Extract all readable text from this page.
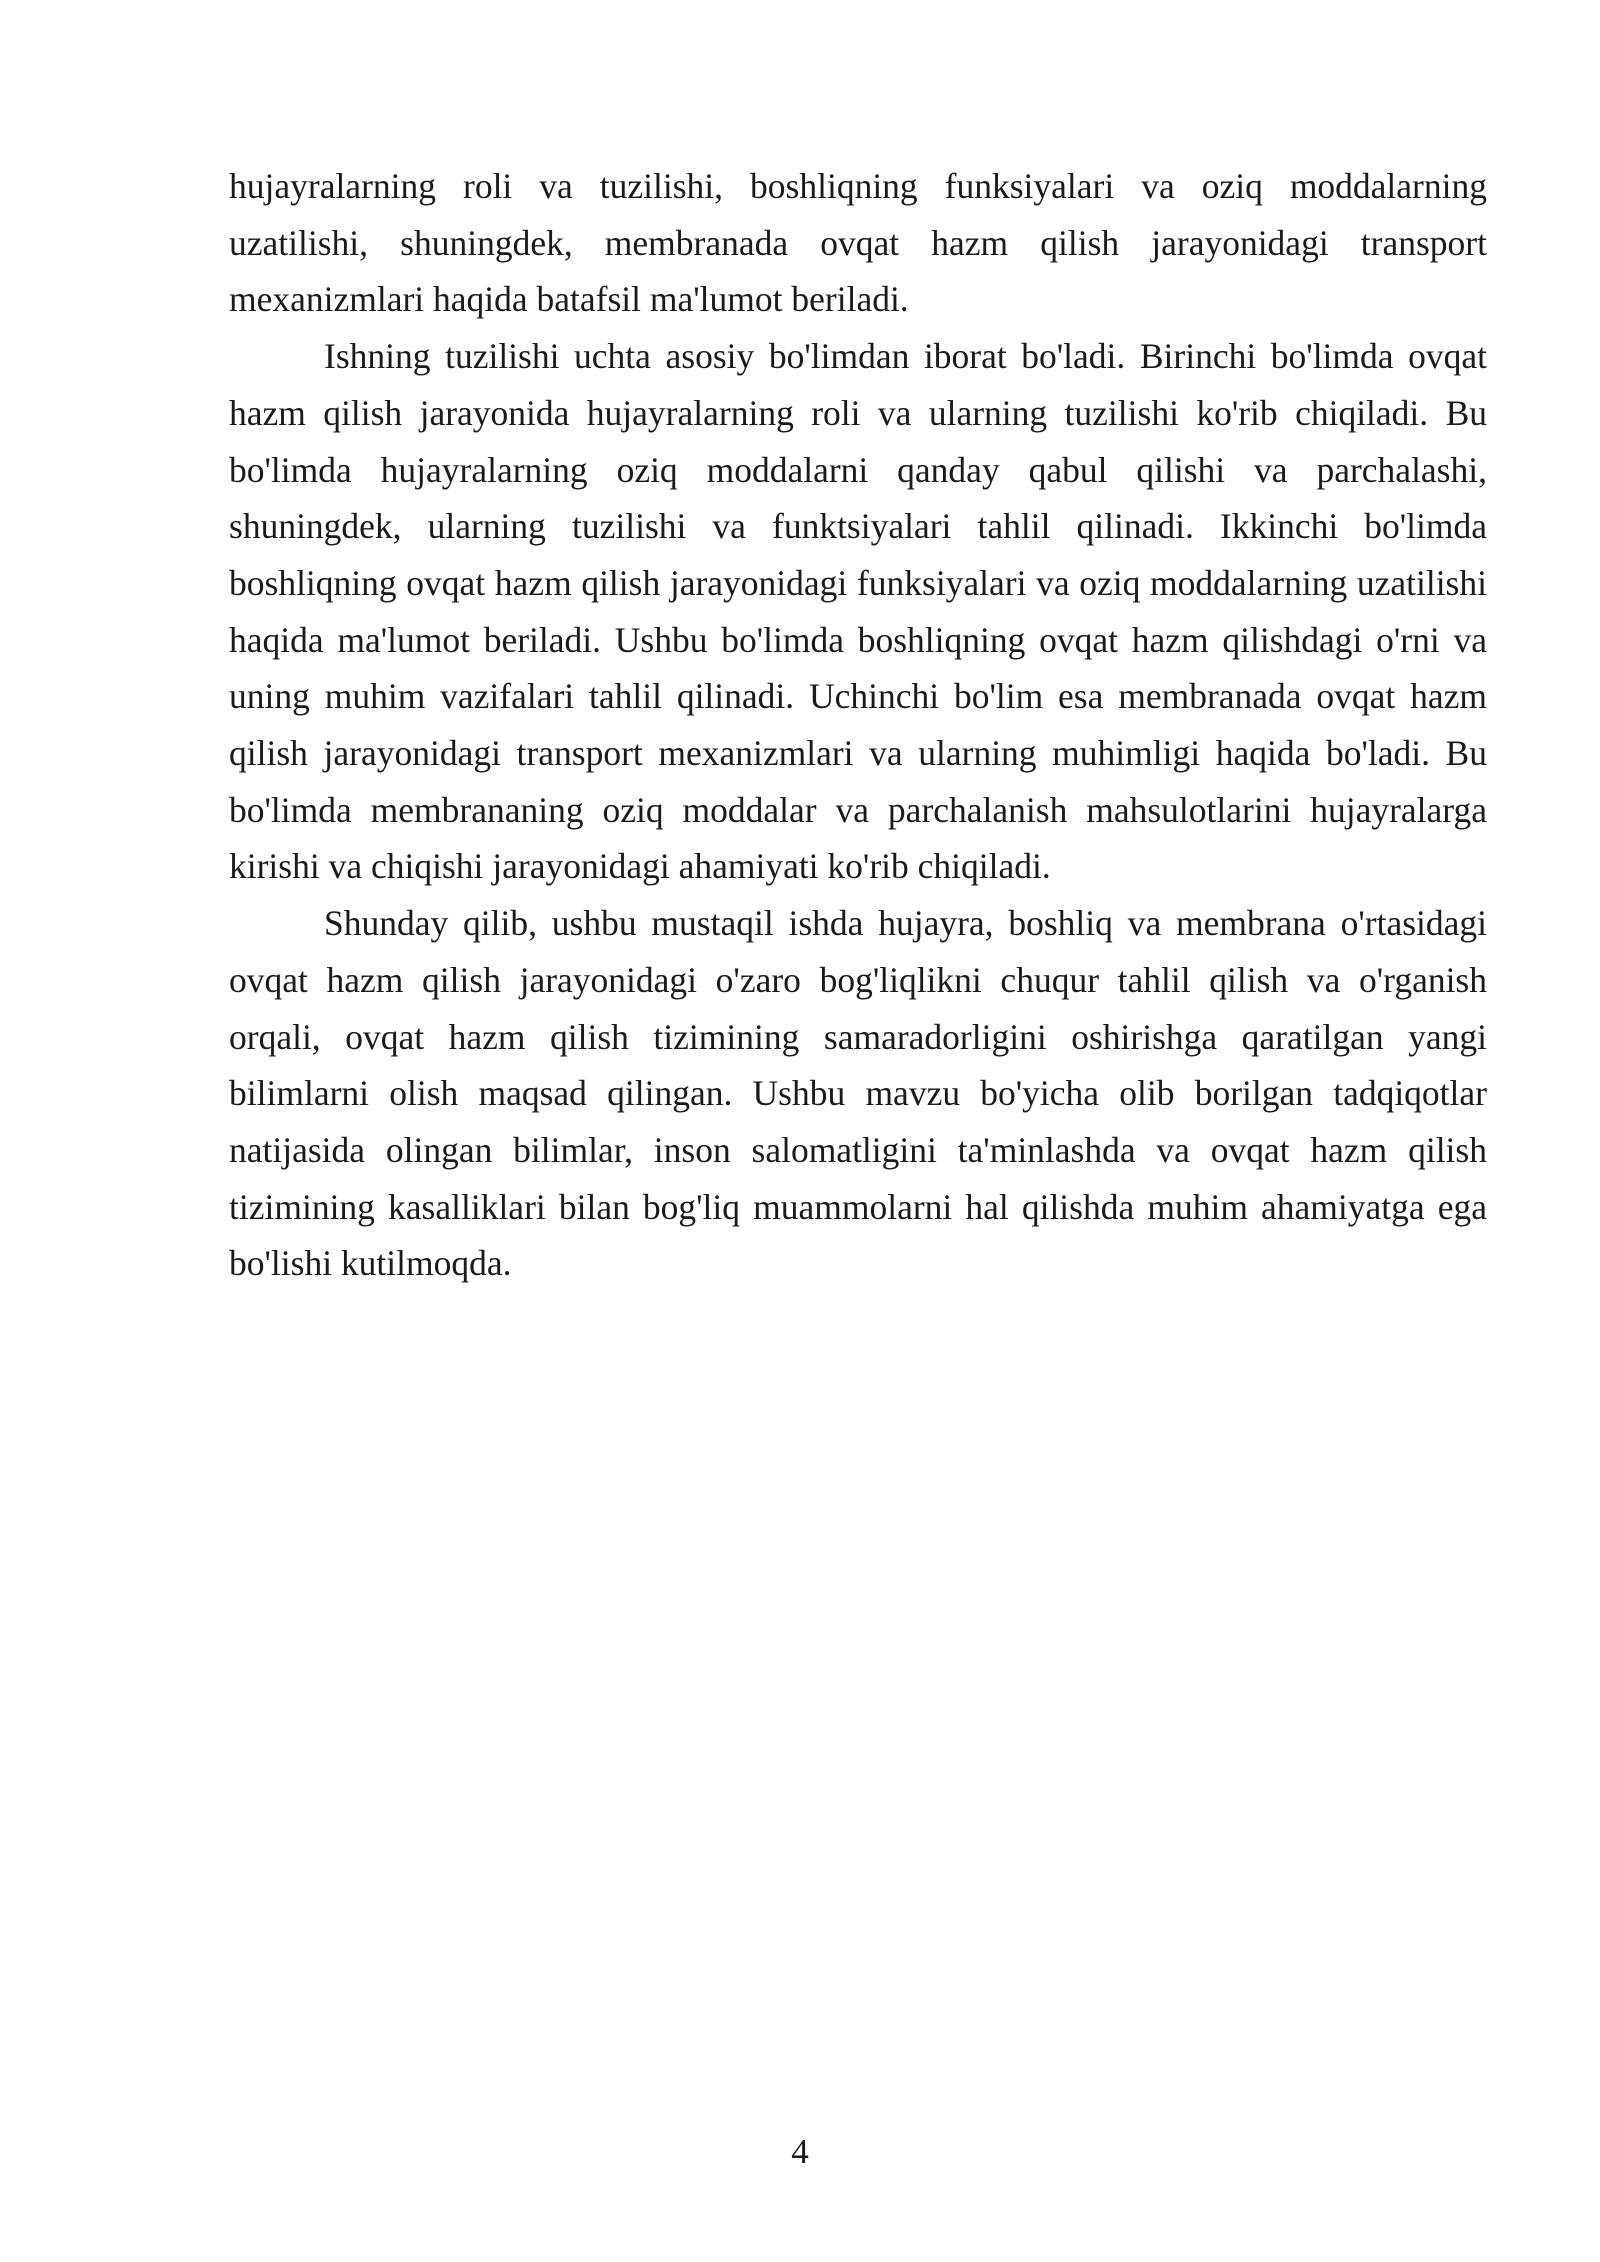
hujayralarning roli va tuzilishi, boshliqning funksiyalari va oziq moddalarning uzatilishi, shuningdek, membranada ovqat hazm qilish jarayonidagi transport mexanizmlari haqida batafsil ma'lumot beriladi.

Ishning tuzilishi uchta asosiy bo'limdan iborat bo'ladi. Birinchi bo'limda ovqat hazm qilish jarayonida hujayralarning roli va ularning tuzilishi ko'rib chiqiladi. Bu bo'limda hujayralarning oziq moddalarni qanday qabul qilishi va parchalashi, shuningdek, ularning tuzilishi va funktsiyalari tahlil qilinadi. Ikkinchi bo'limda boshliqning ovqat hazm qilish jarayonidagi funksiyalari va oziq moddalarning uzatilishi haqida ma'lumot beriladi. Ushbu bo'limda boshliqning ovqat hazm qilishdagi o'rni va uning muhim vazifalari tahlil qilinadi. Uchinchi bo'lim esa membranada ovqat hazm qilish jarayonidagi transport mexanizmlari va ularning muhimligi haqida bo'ladi. Bu bo'limda membrananing oziq moddalar va parchalanish mahsulotlarini hujayralarga kirishi va chiqishi jarayonidagi ahamiyati ko'rib chiqiladi.

Shunday qilib, ushbu mustaqil ishda hujayra, boshliq va membrana o'rtasidagi ovqat hazm qilish jarayonidagi o'zaro bog'liqlikni chuqur tahlil qilish va o'rganish orqali, ovqat hazm qilish tizimining samaradorligini oshirishga qaratilgan yangi bilimlarni olish maqsad qilingan. Ushbu mavzu bo'yicha olib borilgan tadqiqotlar natijasida olingan bilimlar, inson salomatligini ta'minlashda va ovqat hazm qilish tizimining kasalliklari bilan bog'liq muammolarni hal qilishda muhim ahamiyatga ega bo'lishi kutilmoqda.

4
